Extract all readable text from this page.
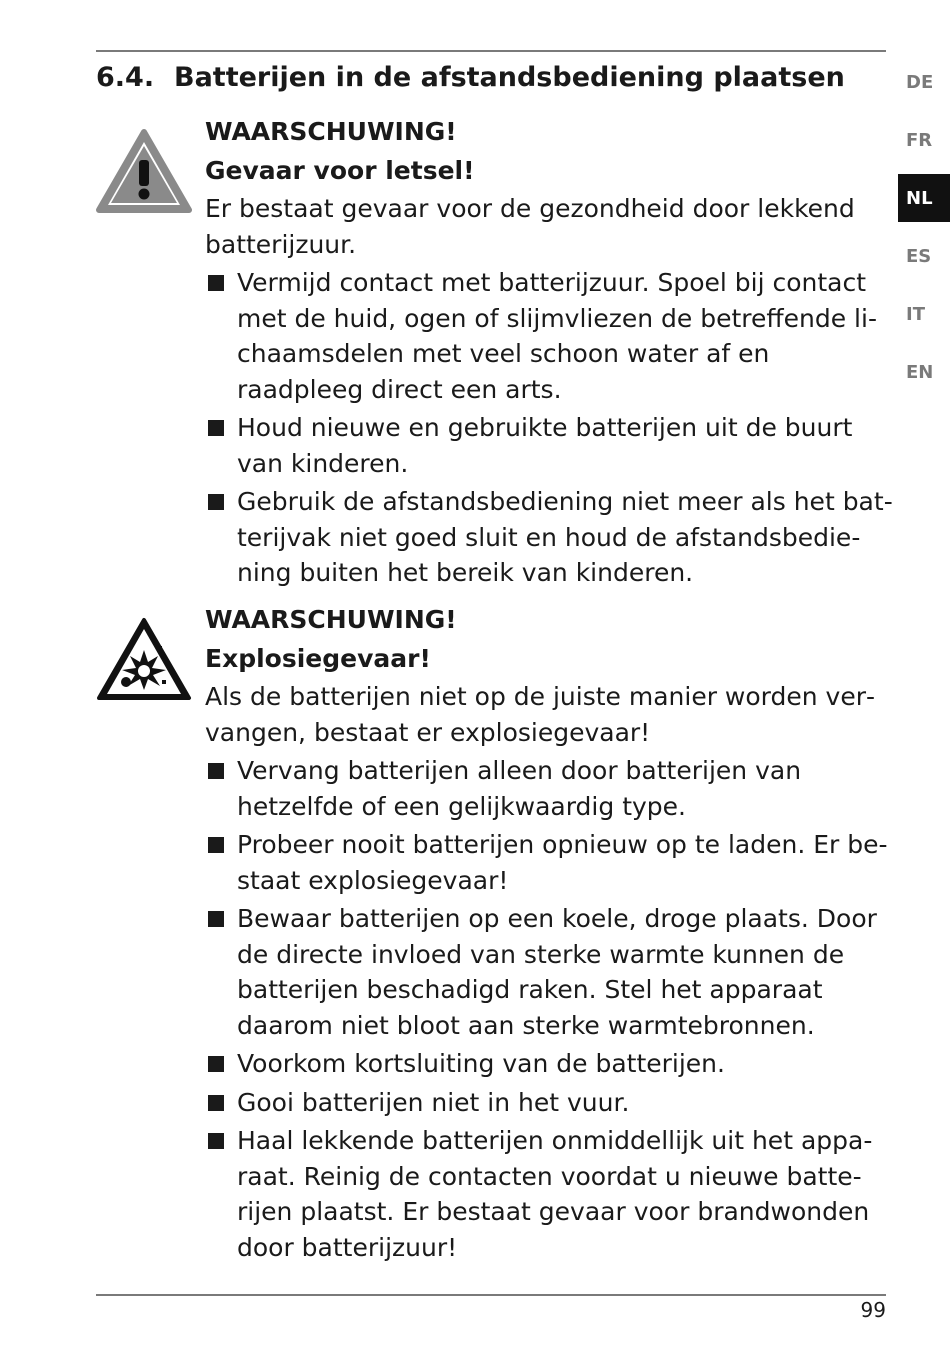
6.4. Batterijen in de afstandsbediening plaatsen	DE
FR
NL
ES
IT
EN
WAARSCHUWING!
Gevaar voor letsel!
Er bestaat gevaar voor de gezondheid door lekkend batterijzuur.
Vermijd contact met batterijzuur. Spoel bij contact met de huid, ogen of slijmvliezen de betreffende lichaamsdelen met veel schoon water af en raadpleeg direct een arts.
Houd nieuwe en gebruikte batterijen uit de buurt van kinderen.
Gebruik de afstandsbediening niet meer als het batterijvak niet goed sluit en houd de afstandsbediening buiten het bereik van kinderen.
WAARSCHUWING!
Explosiegevaar!
Als de batterijen niet op de juiste manier worden vervangen, bestaat er explosiegevaar!
Vervang batterijen alleen door batterijen van hetzelfde of een gelijkwaardig type.
Probeer nooit batterijen opnieuw op te laden. Er bestaat explosiegevaar!
Bewaar batterijen op een koele, droge plaats. Door de directe invloed van sterke warmte kunnen de batterijen beschadigd raken. Stel het apparaat daarom niet bloot aan sterke warmtebronnen.
Voorkom kortsluiting van de batterijen.
Gooi batterijen niet in het vuur.
Haal lekkende batterijen onmiddellijk uit het apparaat. Reinig de contacten voordat u nieuwe batterijen plaatst. Er bestaat gevaar voor brandwonden door batterijzuur!
99
